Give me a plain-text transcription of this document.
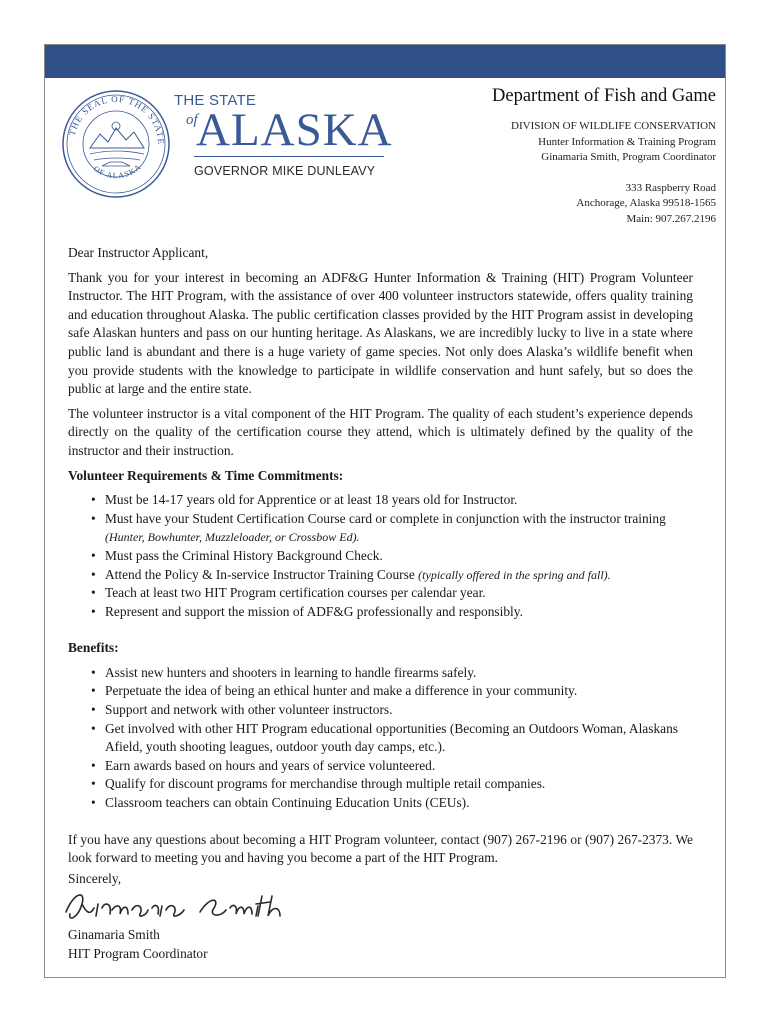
THE SEAL OF THE STATE
OF ALASKA
THE STATE
of
ALASKA
GOVERNOR MIKE DUNLEAVY
Department of Fish and Game
DIVISION OF WILDLIFE CONSERVATION
Hunter Information & Training Program
Ginamaria Smith, Program Coordinator
333 Raspberry Road
Anchorage, Alaska 99518-1565
Main: 907.267.2196

Dear Instructor Applicant,

Thank you for your interest in becoming an ADF&G Hunter Information & Training (HIT) Program Volunteer Instructor. The HIT Program, with the assistance of over 400 volunteer instructors statewide, offers quality training and education throughout Alaska. The public certification classes provided by the HIT Program assist in developing safe Alaskan hunters and pass on our hunting heritage. As Alaskans, we are incredibly lucky to live in a state where public land is abundant and there is a huge variety of game species. Not only does Alaska’s wildlife benefit when you provide students with the knowledge to participate in wildlife conservation and hunt safely, but so does the public at large and the entire state.

The volunteer instructor is a vital component of the HIT Program. The quality of each student’s experience depends directly on the quality of the certification course they attend, which is ultimately defined by the quality of the instructor and their instruction.

Volunteer Requirements & Time Commitments:

• Must be 14-17 years old for Apprentice or at least 18 years old for Instructor.
• Must have your Student Certification Course card or complete in conjunction with the instructor training (Hunter, Bowhunter, Muzzleloader, or Crossbow Ed).
• Must pass the Criminal History Background Check.
• Attend the Policy & In-service Instructor Training Course (typically offered in the spring and fall).
• Teach at least two HIT Program certification courses per calendar year.
• Represent and support the mission of ADF&G professionally and responsibly.

Benefits:

• Assist new hunters and shooters in learning to handle firearms safely.
• Perpetuate the idea of being an ethical hunter and make a difference in your community.
• Support and network with other volunteer instructors.
• Get involved with other HIT Program educational opportunities (Becoming an Outdoors Woman, Alaskans Afield, youth shooting leagues, outdoor youth day camps, etc.).
• Earn awards based on hours and years of service volunteered.
• Qualify for discount programs for merchandise through multiple retail companies.
• Classroom teachers can obtain Continuing Education Units (CEUs).

If you have any questions about becoming a HIT Program volunteer, contact (907) 267-2196 or (907) 267-2373. We look forward to meeting you and having you become a part of the HIT Program.

Sincerely,
Ginamaria Smith
HIT Program Coordinator
